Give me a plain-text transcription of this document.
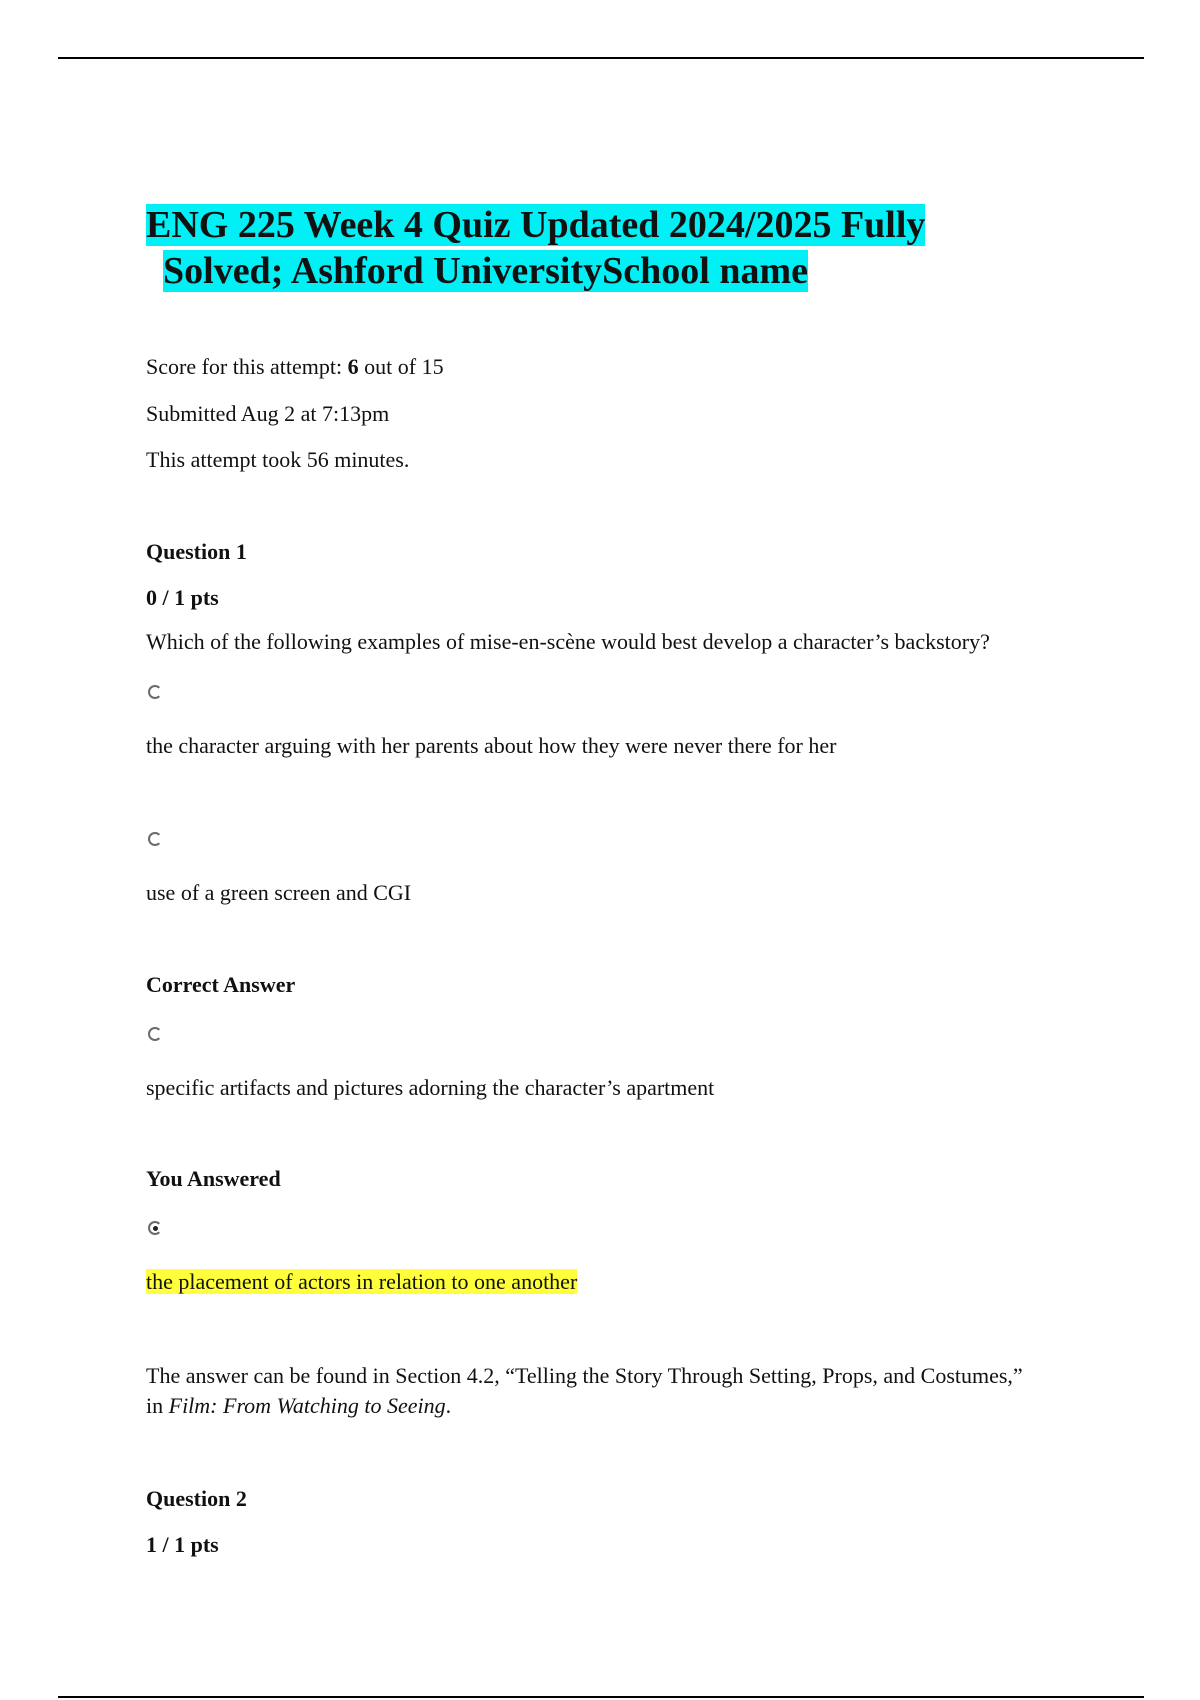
ENG 225 Week 4 Quiz Updated 2024/2025 Fully
Solved; Ashford UniversitySchool name

Score for this attempt: 6 out of 15

Submitted Aug 2 at 7:13pm

This attempt took 56 minutes.

Question 1

0 / 1 pts

Which of the following examples of mise-en-scène would best develop a character’s backstory?

the character arguing with her parents about how they were never there for her

use of a green screen and CGI

Correct Answer

specific artifacts and pictures adorning the character’s apartment

You Answered

the placement of actors in relation to one another

The answer can be found in Section 4.2, “Telling the Story Through Setting, Props, and Costumes,” in Film: From Watching to Seeing.

Question 2

1 / 1 pts
